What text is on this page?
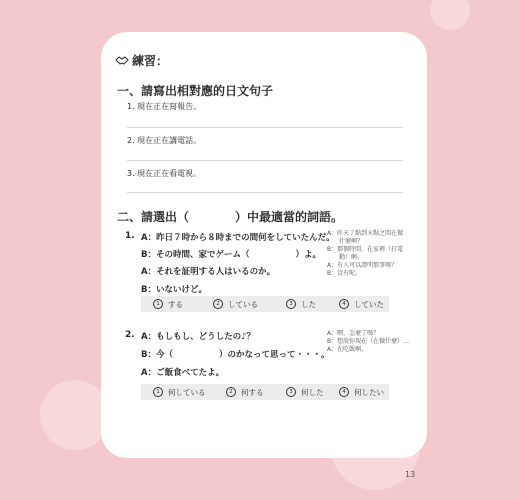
練習：
一、請寫出相對應的日文句子
1. 現在正在寫報告。
2. 現在正在講電話。
3. 現在正在看電視。
二、請選出（	）中最適當的詞語。
1. A：昨日７時から８時までの間何をしていたんだ。
B：その時間、家でゲーム（	）よ。
A：それを証明する人はいるのか。
B：いないけど。
A：昨天７點到８點之間在做
　　什麼啊？
B：那個時間，在家裡（打電
　　動）啊。
A：有人可以證明那事嗎？
B：沒有呢。
1	する	2	している	3	した	4	していた
2. A：もしもし、どうしたの♪？
B：今（	）のかなって思って・・・。
A：ご飯食べてたよ。
A：喂，怎麼了嗎？
B：想說你現在（在做什麼）…
A：在吃飯啊。
1	何している	2	何する	3	何した	4	何したい
13
